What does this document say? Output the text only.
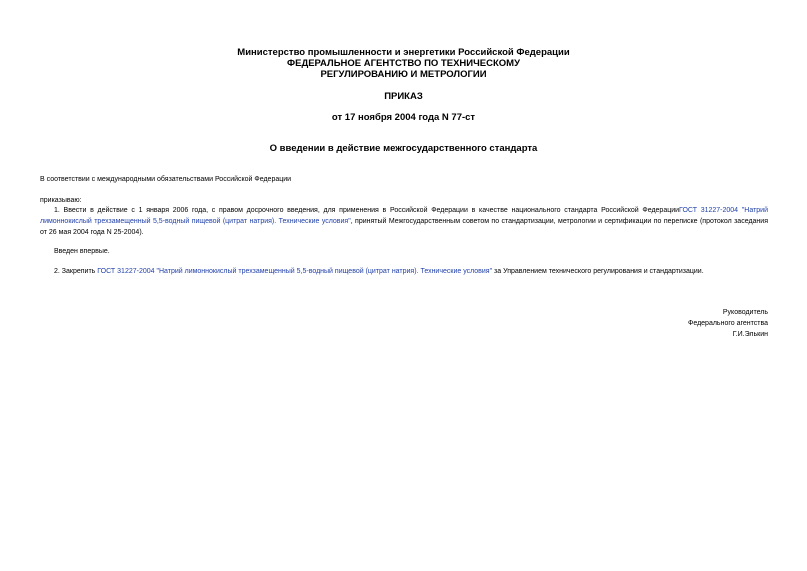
Министерство промышленности и энергетики Российской Федерации
ФЕДЕРАЛЬНОЕ АГЕНТСТВО ПО ТЕХНИЧЕСКОМУ
РЕГУЛИРОВАНИЮ И МЕТРОЛОГИИ
ПРИКАЗ
от 17 ноября 2004 года N 77-ст
О введении в действие межгосударственного стандарта
В соответствии с международными обязательствами Российской Федерации
приказываю:
1. Ввести в действие с 1 января 2006 года, с правом досрочного введения, для применения в Российской Федерации в качестве национального стандарта Российской ФедерацииГОСТ 31227-2004 "Натрий лимоннокислый трехзамещенный 5,5-водный пищевой (цитрат натрия). Технические условия", принятый Межгосударственным советом по стандартизации, метрологии и сертификации по переписке (протокол заседания от 26 мая 2004 года N 25-2004).
Введен впервые.
2. Закрепить ГОСТ 31227-2004 "Натрий лимоннокислый трехзамещенный 5,5-водный пищевой (цитрат натрия). Технические условия" за Управлением технического регулирования и стандартизации.
Руководитель
Федерального агентства
Г.И.Элькин
